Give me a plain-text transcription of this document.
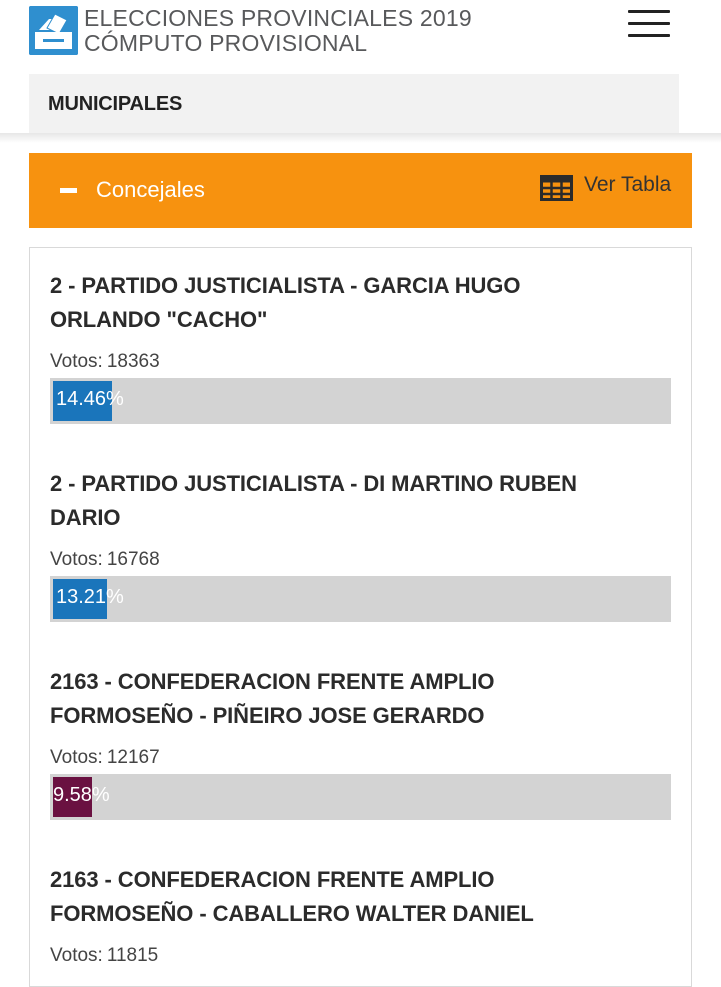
ELECCIONES PROVINCIALES 2019
CÓMPUTO PROVISIONAL
MUNICIPALES
Concejales	Ver Tabla
2 - PARTIDO JUSTICIALISTA - GARCIA HUGO
ORLANDO "CACHO"
Votos: 18363
14.46%
2 - PARTIDO JUSTICIALISTA - DI MARTINO RUBEN
DARIO
Votos: 16768
13.21%
2163 - CONFEDERACION FRENTE AMPLIO
FORMOSEÑO - PIÑEIRO JOSE GERARDO
Votos: 12167
9.58%
2163 - CONFEDERACION FRENTE AMPLIO
FORMOSEÑO - CABALLERO WALTER DANIEL
Votos: 11815
